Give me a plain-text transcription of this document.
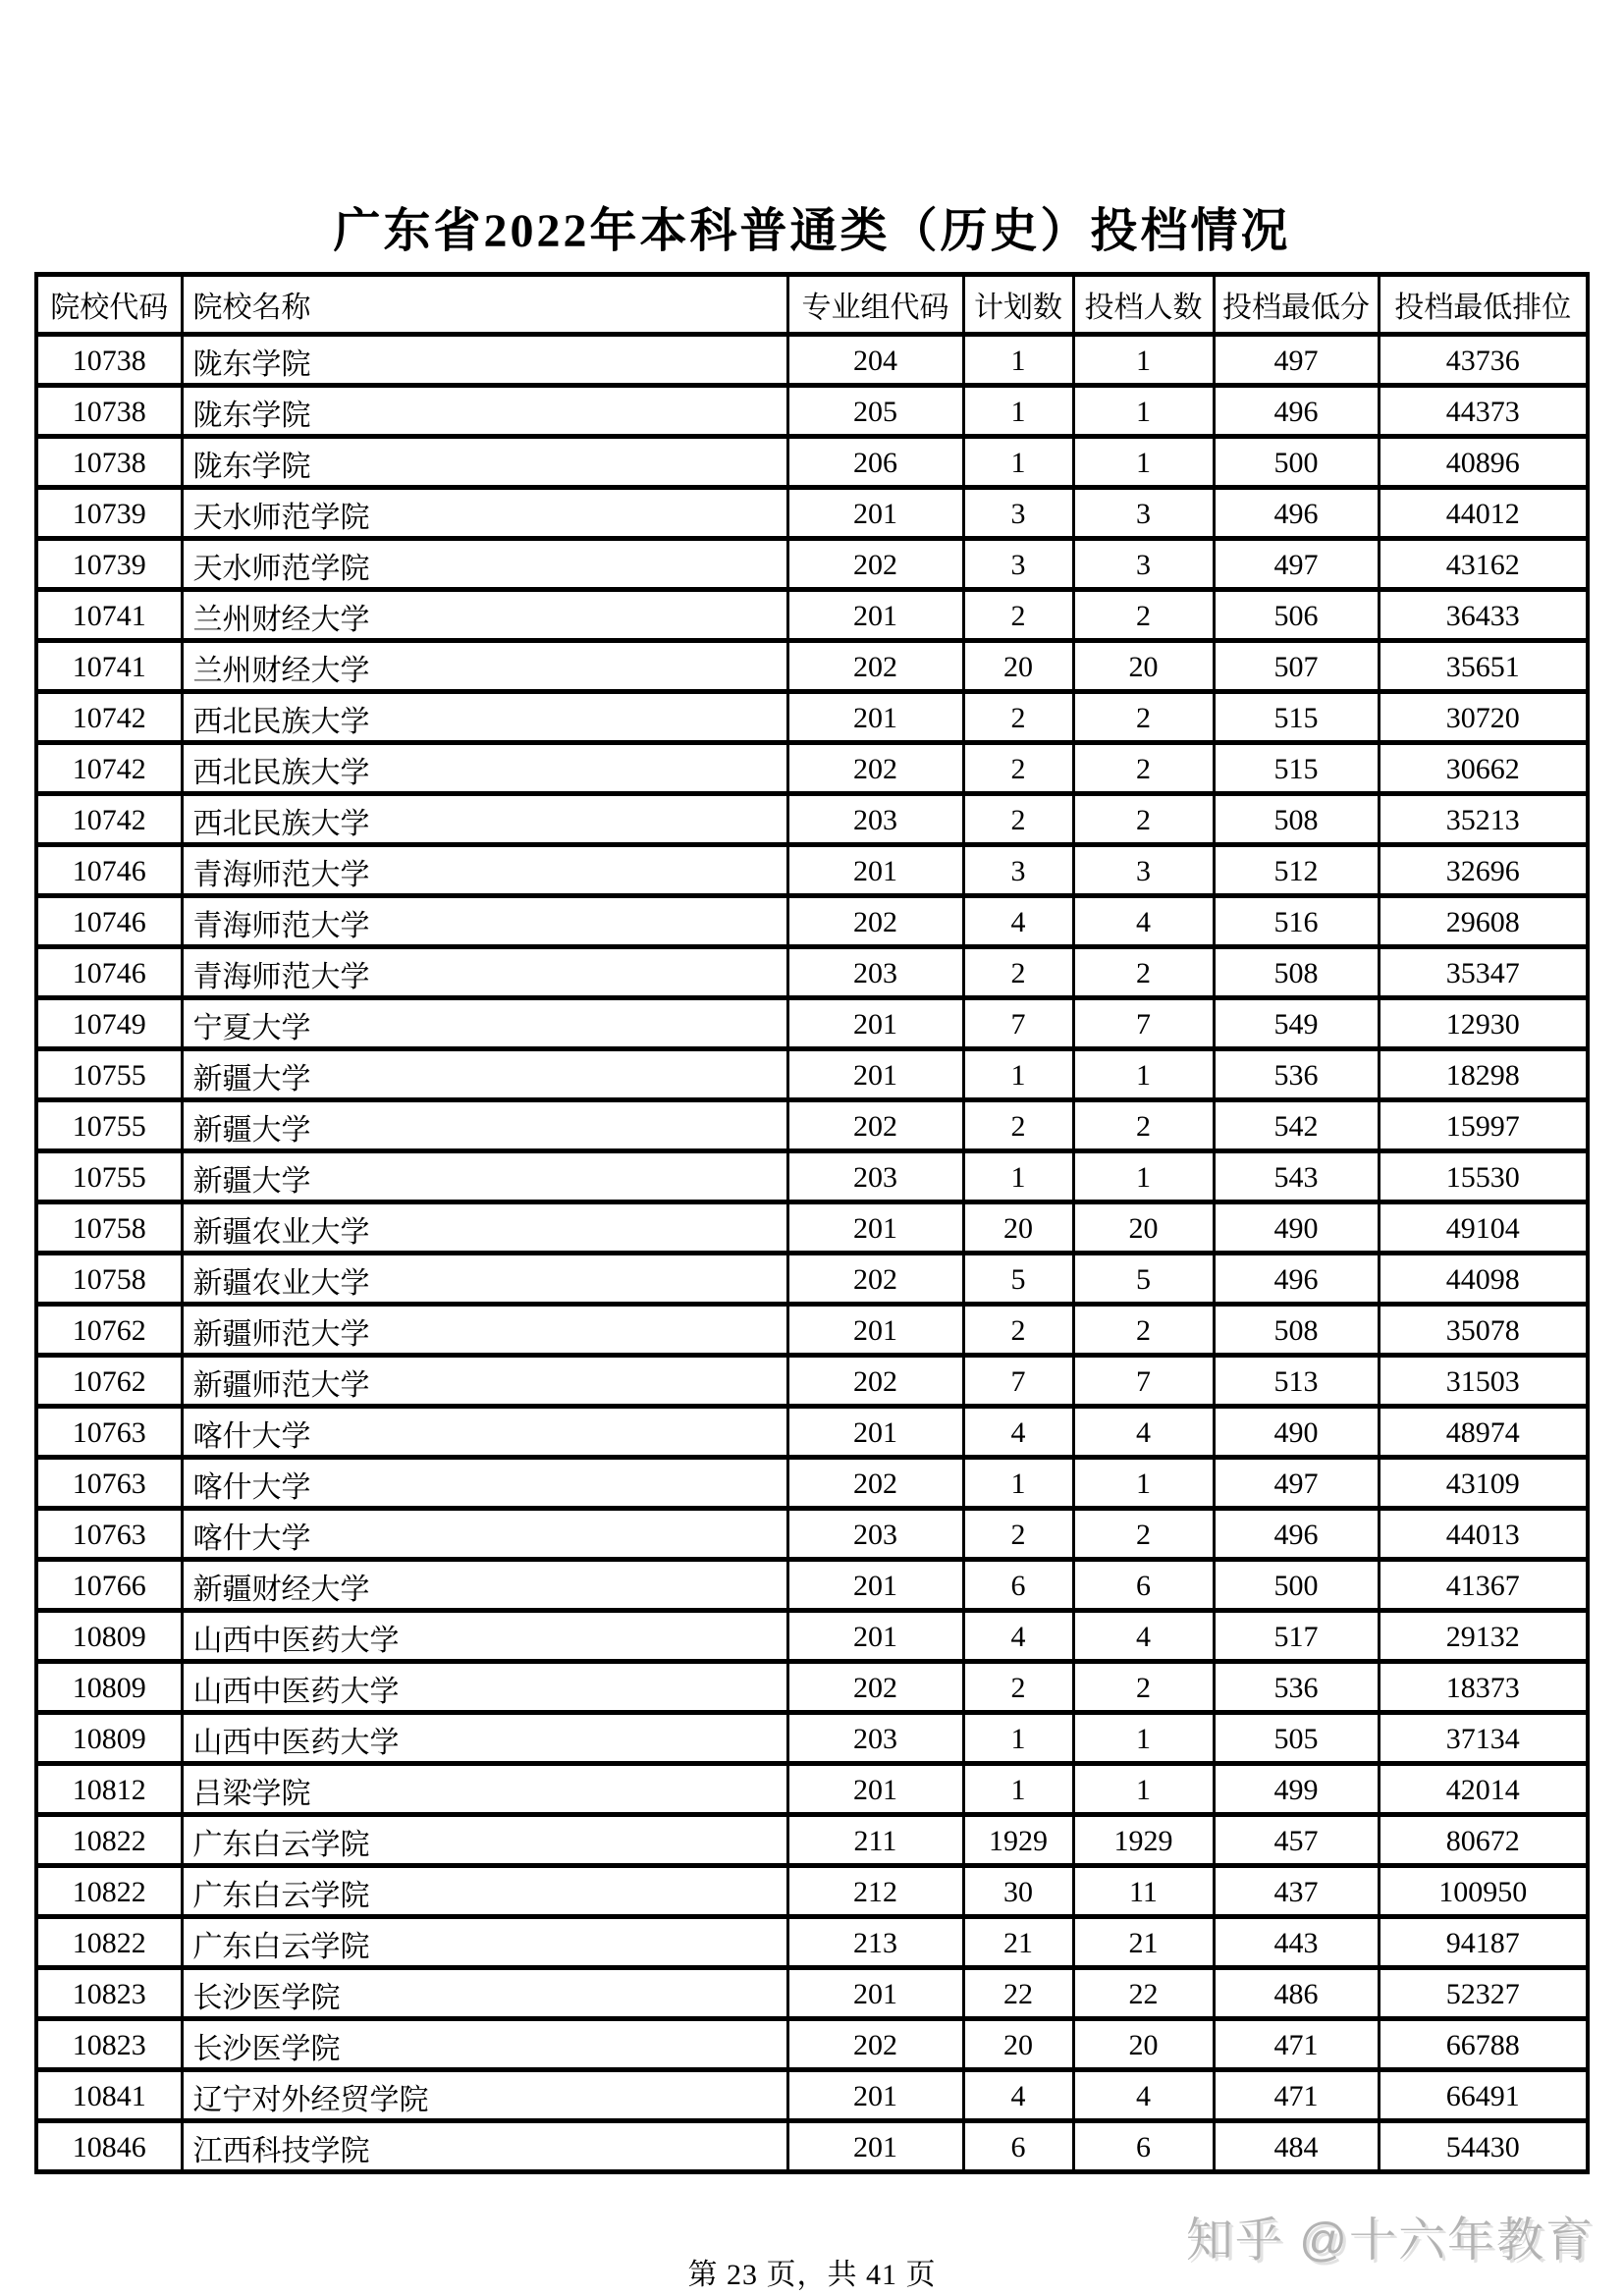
广东省2022年本科普通类（历史）投档情况
院校代码	院校名称	专业组代码	计划数	投档人数	投档最低分	投档最低排位
10738	陇东学院	204	1	1	497	43736
10738	陇东学院	205	1	1	496	44373
10738	陇东学院	206	1	1	500	40896
10739	天水师范学院	201	3	3	496	44012
10739	天水师范学院	202	3	3	497	43162
10741	兰州财经大学	201	2	2	506	36433
10741	兰州财经大学	202	20	20	507	35651
10742	西北民族大学	201	2	2	515	30720
10742	西北民族大学	202	2	2	515	30662
10742	西北民族大学	203	2	2	508	35213
10746	青海师范大学	201	3	3	512	32696
10746	青海师范大学	202	4	4	516	29608
10746	青海师范大学	203	2	2	508	35347
10749	宁夏大学	201	7	7	549	12930
10755	新疆大学	201	1	1	536	18298
10755	新疆大学	202	2	2	542	15997
10755	新疆大学	203	1	1	543	15530
10758	新疆农业大学	201	20	20	490	49104
10758	新疆农业大学	202	5	5	496	44098
10762	新疆师范大学	201	2	2	508	35078
10762	新疆师范大学	202	7	7	513	31503
10763	喀什大学	201	4	4	490	48974
10763	喀什大学	202	1	1	497	43109
10763	喀什大学	203	2	2	496	44013
10766	新疆财经大学	201	6	6	500	41367
10809	山西中医药大学	201	4	4	517	29132
10809	山西中医药大学	202	2	2	536	18373
10809	山西中医药大学	203	1	1	505	37134
10812	吕梁学院	201	1	1	499	42014
10822	广东白云学院	211	1929	1929	457	80672
10822	广东白云学院	212	30	11	437	100950
10822	广东白云学院	213	21	21	443	94187
10823	长沙医学院	201	22	22	486	52327
10823	长沙医学院	202	20	20	471	66788
10841	辽宁对外经贸学院	201	4	4	471	66491
10846	江西科技学院	201	6	6	484	54430
第 23 页，共 41 页
知乎 @十六年教育
